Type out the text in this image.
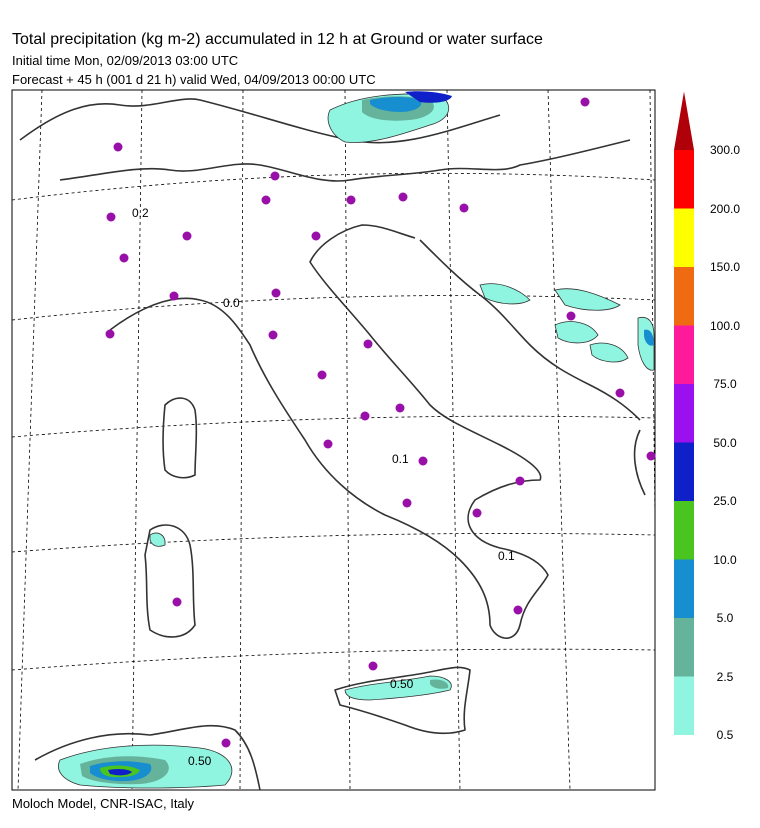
Total precipitation (kg m-2) accumulated in 12 h at Ground or water surface
Initial time Mon, 02/09/2013 03:00 UTC
Forecast + 45 h (001 d 21 h) valid Wed, 04/09/2013 00:00 UTC
0.2
0.0
0.1
0.1
0.50
0.50
0.5
2.5
5.0
10.0
25.0
50.0
75.0
100.0
150.0
200.0
300.0
Moloch Model, CNR-ISAC, Italy
